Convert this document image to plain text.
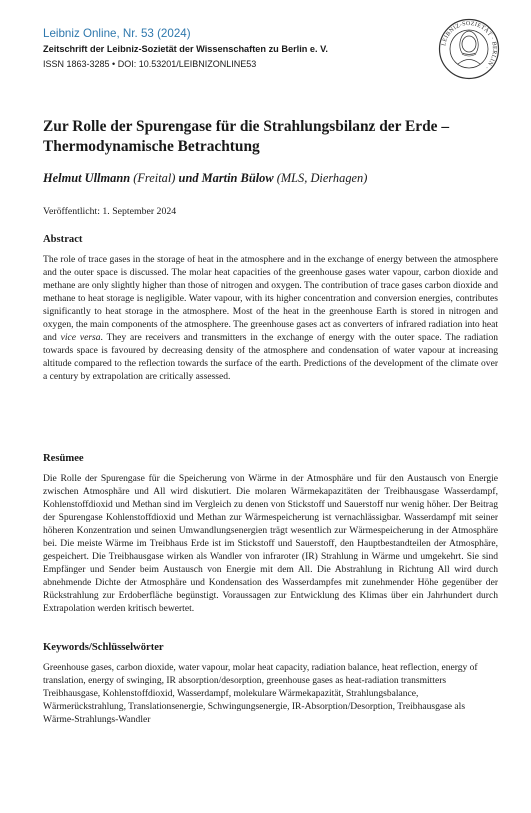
Leibniz Online, Nr. 53 (2024)
Zeitschrift der Leibniz-Sozietät der Wissenschaften zu Berlin e. V.
ISSN 1863-3285 • DOI: 10.53201/LEIBNIZONLINE53
LEIBNIZ-SOZIETÄT · BERLIN ·
Zur Rolle der Spurengase für die Strahlungsbilanz der Erde – Thermodynamische Betrachtung
Helmut Ullmann (Freital) und Martin Bülow (MLS, Dierhagen)
Veröffentlicht: 1. September 2024
Abstract

The role of trace gases in the storage of heat in the atmosphere and in the exchange of energy between the atmosphere and the outer space is discussed. The molar heat capacities of the greenhouse gases water vapour, carbon dioxide and methane are only slightly higher than those of nitrogen and oxygen. The contribution of trace gases carbon dioxide and methane to heat storage is negligible. Water vapour, with its higher concentration and conversion energies, contributes significantly to heat storage in the atmosphere. Most of the heat in the greenhouse Earth is stored in nitrogen and oxygen, the main components of the atmosphere. The greenhouse gases act as converters of infrared radiation into heat and vice versa. They are receivers and transmitters in the exchange of energy with the outer space. The radiation towards space is favoured by decreasing density of the atmosphere and condensation of water vapour at increasing altitude compared to the reflection towards the surface of the earth. Predictions of the development of the climate over a century by extrapolation are critically assessed.

Resümee

Die Rolle der Spurengase für die Speicherung von Wärme in der Atmosphäre und für den Austausch von Energie zwischen Atmosphäre und All wird diskutiert. Die molaren Wärmekapazitäten der Treibhausgase Wasserdampf, Kohlenstoffdioxid und Methan sind im Vergleich zu denen von Stickstoff und Sauerstoff nur wenig höher. Der Beitrag der Spurengase Kohlenstoffdioxid und Methan zur Wärmespeicherung ist vernachlässigbar. Wasserdampf mit seiner höheren Konzentration und seinen Umwandlungsenergien trägt wesentlich zur Wärmespeicherung in der Atmosphäre bei. Die meiste Wärme im Treibhaus Erde ist im Stickstoff und Sauerstoff, den Hauptbestandteilen der Atmosphäre, gespeichert. Die Treibhausgase wirken als Wandler von infraroter (IR) Strahlung in Wärme und umgekehrt. Sie sind Empfänger und Sender beim Austausch von Energie mit dem All. Die Abstrahlung in Richtung All wird durch abnehmende Dichte der Atmosphäre und Kondensation des Wasserdampfes mit zunehmender Höhe gegenüber der Rückstrahlung zur Erdoberfläche begünstigt. Voraussagen zur Entwicklung des Klimas über ein Jahrhundert durch Extrapolation werden kritisch bewertet.

Keywords/Schlüsselwörter

Greenhouse gases, carbon dioxide, water vapour, molar heat capacity, radiation balance, heat reflection, energy of translation, energy of swinging, IR absorption/desorption, greenhouse gases as heat-radiation transmitters

Treibhausgase, Kohlenstoffdioxid, Wasserdampf, molekulare Wärmekapazität, Strahlungsbalance, Wärmerückstrahlung, Translationsenergie, Schwingungsenergie, IR-Absorption/Desorption, Treibhausgase als Wärme-Strahlungs-Wandler
